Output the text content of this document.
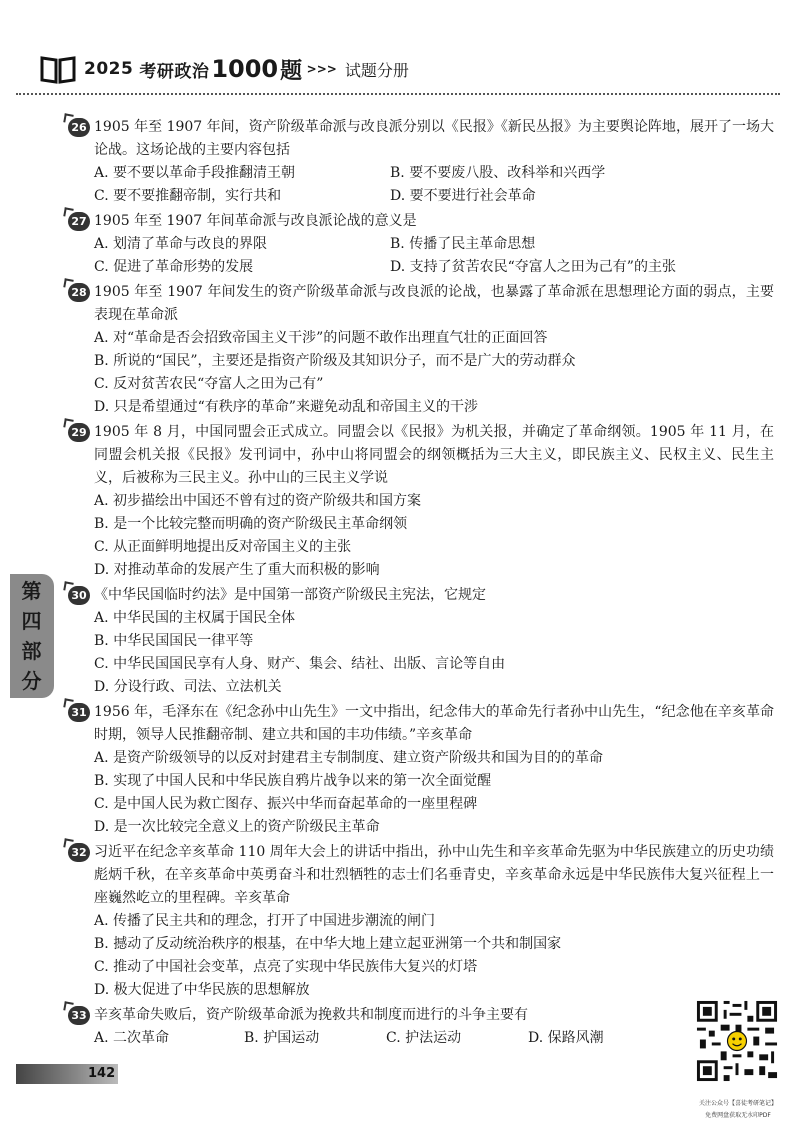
2025 考研政治 1000 题 >>> 试题分册
第
四
部
分
26 1905 年至 1907 年间，资产阶级革命派与改良派分别以《民报》《新民丛报》为主要舆论阵地，展开了一场大论战。这场论战的主要内容包括
A. 要不要以革命手段推翻清王朝	B. 要不要废八股、改科举和兴西学
C. 要不要推翻帝制，实行共和	D. 要不要进行社会革命
27 1905 年至 1907 年间革命派与改良派论战的意义是
A. 划清了革命与改良的界限	B. 传播了民主革命思想
C. 促进了革命形势的发展	D. 支持了贫苦农民“夺富人之田为己有”的主张
28 1905 年至 1907 年间发生的资产阶级革命派与改良派的论战，也暴露了革命派在思想理论方面的弱点，主要表现在革命派
A. 对“革命是否会招致帝国主义干涉”的问题不敢作出理直气壮的正面回答
B. 所说的“国民”，主要还是指资产阶级及其知识分子，而不是广大的劳动群众
C. 反对贫苦农民“夺富人之田为己有”
D. 只是希望通过“有秩序的革命”来避免动乱和帝国主义的干涉
29 1905 年 8 月，中国同盟会正式成立。同盟会以《民报》为机关报，并确定了革命纲领。1905 年 11 月，在同盟会机关报《民报》发刊词中，孙中山将同盟会的纲领概括为三大主义，即民族主义、民权主义、民生主义，后被称为三民主义。孙中山的三民主义学说
A. 初步描绘出中国还不曾有过的资产阶级共和国方案
B. 是一个比较完整而明确的资产阶级民主革命纲领
C. 从正面鲜明地提出反对帝国主义的主张
D. 对推动革命的发展产生了重大而积极的影响
30 《中华民国临时约法》是中国第一部资产阶级民主宪法，它规定
A. 中华民国的主权属于国民全体
B. 中华民国国民一律平等
C. 中华民国国民享有人身、财产、集会、结社、出版、言论等自由
D. 分设行政、司法、立法机关
31 1956 年，毛泽东在《纪念孙中山先生》一文中指出，纪念伟大的革命先行者孙中山先生，“纪念他在辛亥革命时期，领导人民推翻帝制、建立共和国的丰功伟绩。”辛亥革命
A. 是资产阶级领导的以反对封建君主专制制度、建立资产阶级共和国为目的的革命
B. 实现了中国人民和中华民族自鸦片战争以来的第一次全面觉醒
C. 是中国人民为救亡图存、振兴中华而奋起革命的一座里程碑
D. 是一次比较完全意义上的资产阶级民主革命
32 习近平在纪念辛亥革命 110 周年大会上的讲话中指出，孙中山先生和辛亥革命先驱为中华民族建立的历史功绩彪炳千秋，在辛亥革命中英勇奋斗和壮烈牺牲的志士们名垂青史，辛亥革命永远是中华民族伟大复兴征程上一座巍然屹立的里程碑。辛亥革命
A. 传播了民主共和的理念，打开了中国进步潮流的闸门
B. 撼动了反动统治秩序的根基，在中华大地上建立起亚洲第一个共和制国家
C. 推动了中国社会变革，点亮了实现中华民族伟大复兴的灯塔
D. 极大促进了中华民族的思想解放
33 辛亥革命失败后，资产阶级革命派为挽救共和制度而进行的斗争主要有
A. 二次革命	B. 护国运动	C. 护法运动	D. 保路风潮
142
关注公众号【喜徒考研笔记】
免费网盘获取无水印PDF
